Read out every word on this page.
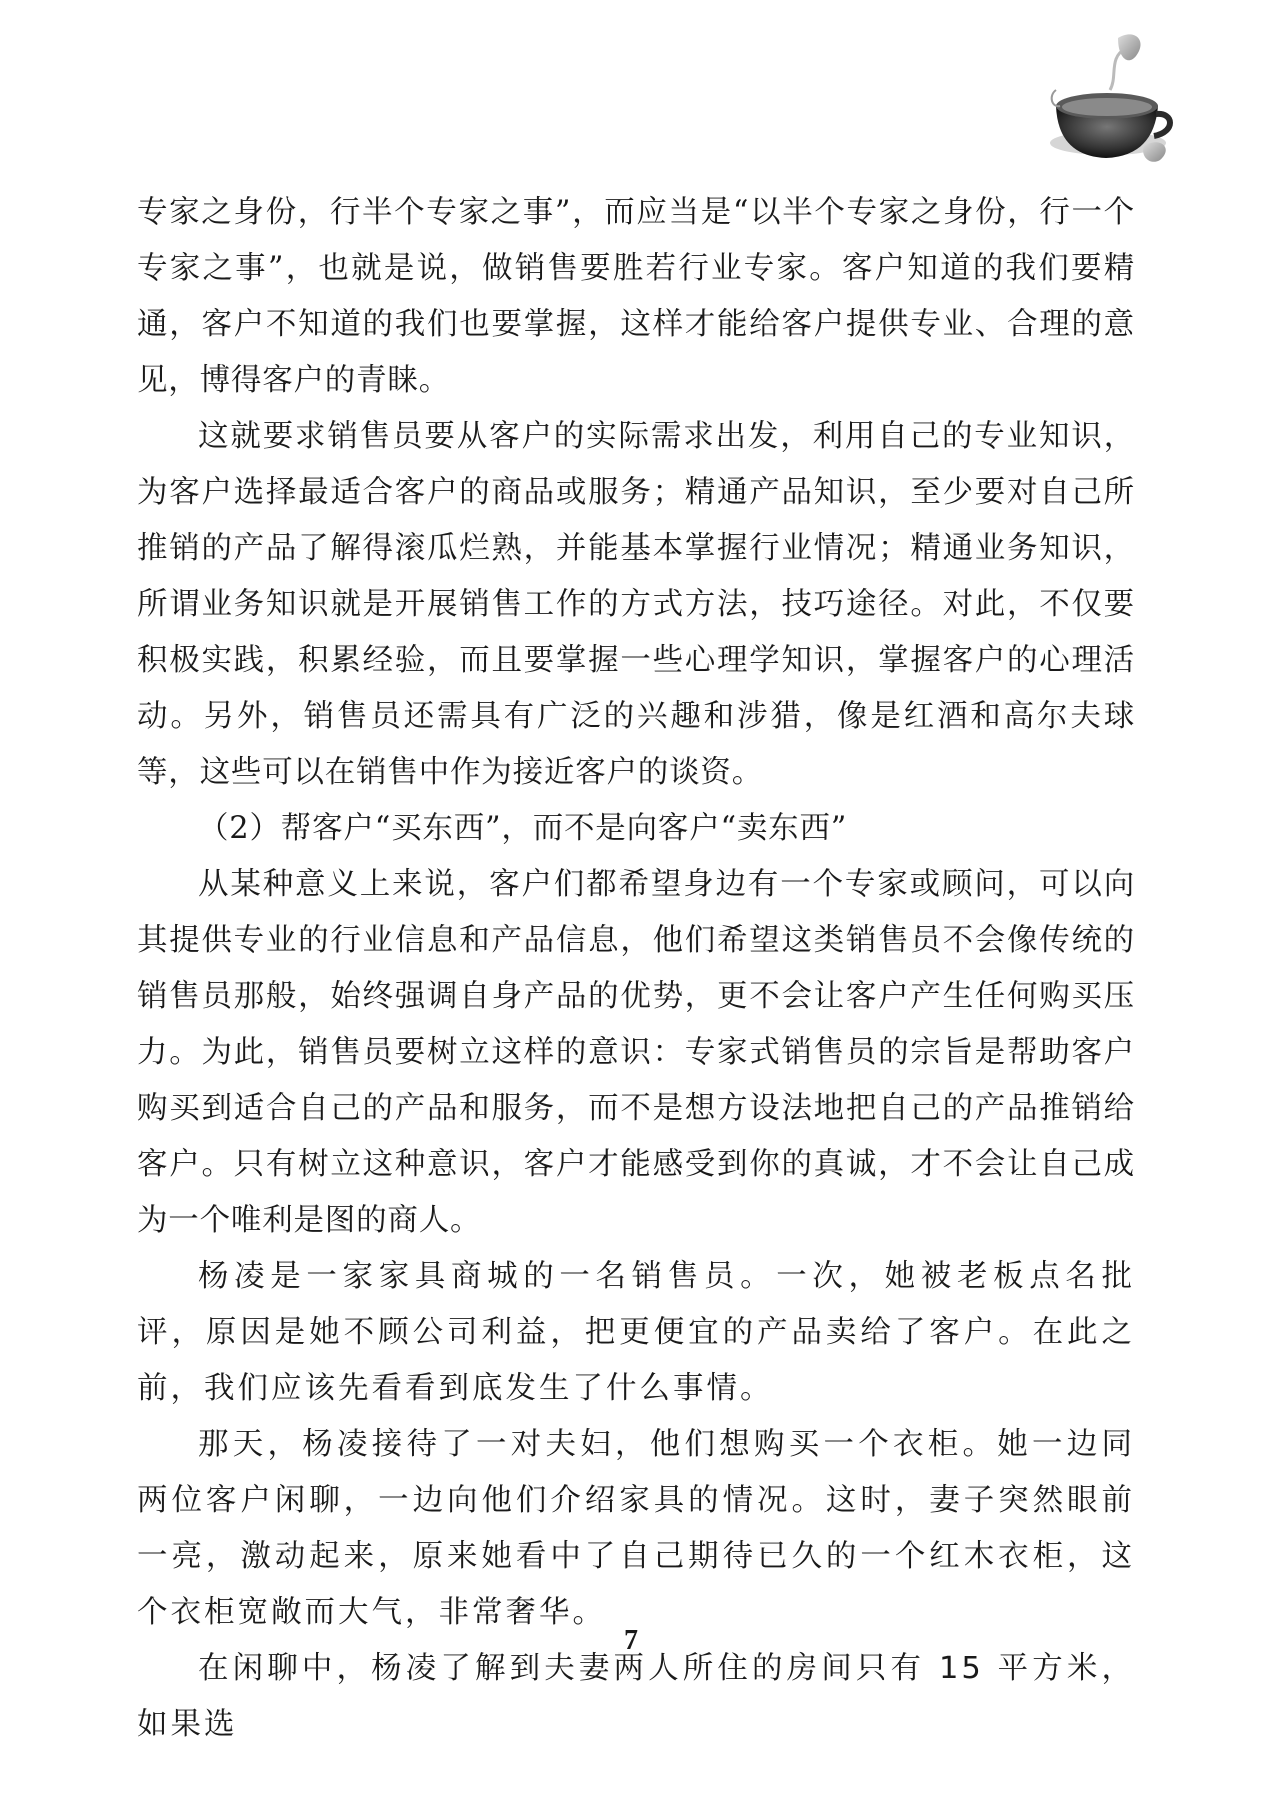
专家之身份，行半个专家之事”，而应当是“以半个专家之身份，行一个专家之事”，也就是说，做销售要胜若行业专家。客户知道的我们要精通，客户不知道的我们也要掌握，这样才能给客户提供专业、合理的意见，博得客户的青睐。

这就要求销售员要从客户的实际需求出发，利用自己的专业知识，为客户选择最适合客户的商品或服务；精通产品知识，至少要对自己所推销的产品了解得滚瓜烂熟，并能基本掌握行业情况；精通业务知识，所谓业务知识就是开展销售工作的方式方法，技巧途径。对此，不仅要积极实践，积累经验，而且要掌握一些心理学知识，掌握客户的心理活动。另外，销售员还需具有广泛的兴趣和涉猎，像是红酒和高尔夫球等，这些可以在销售中作为接近客户的谈资。

（2）帮客户“买东西”，而不是向客户“卖东西”

从某种意义上来说，客户们都希望身边有一个专家或顾问，可以向其提供专业的行业信息和产品信息，他们希望这类销售员不会像传统的销售员那般，始终强调自身产品的优势，更不会让客户产生任何购买压力。为此，销售员要树立这样的意识：专家式销售员的宗旨是帮助客户购买到适合自己的产品和服务，而不是想方设法地把自己的产品推销给客户。只有树立这种意识，客户才能感受到你的真诚，才不会让自己成为一个唯利是图的商人。

杨凌是一家家具商城的一名销售员。一次，她被老板点名批评，原因是她不顾公司利益，把更便宜的产品卖给了客户。在此之前，我们应该先看看到底发生了什么事情。

那天，杨凌接待了一对夫妇，他们想购买一个衣柜。她一边同两位客户闲聊，一边向他们介绍家具的情况。这时，妻子突然眼前一亮，激动起来，原来她看中了自己期待已久的一个红木衣柜，这个衣柜宽敞而大气，非常奢华。

在闲聊中，杨凌了解到夫妻两人所住的房间只有 15 平方米，如果选

7
